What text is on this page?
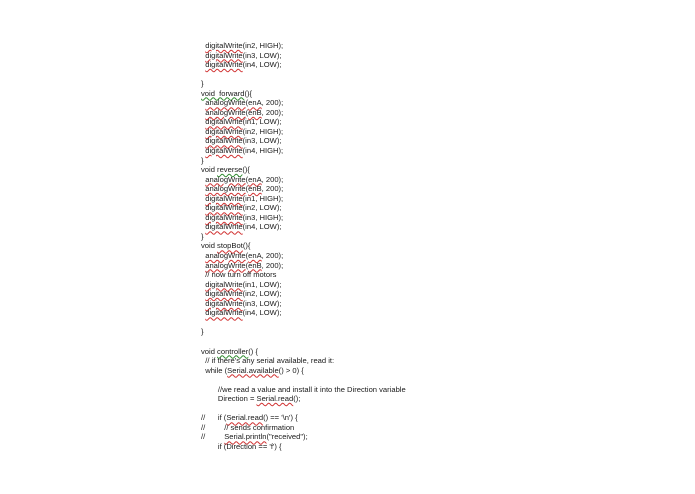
digitalWrite(in2, HIGH);
digitalWrite(in3, LOW);
digitalWrite(in4, LOW);

}
void  forward(){
analogWrite(enA, 200);
analogWrite(enB, 200);
digitalWrite(in1, LOW);
digitalWrite(in2, HIGH);
digitalWrite(in3, LOW);
digitalWrite(in4, HIGH);
}
void reverse(){
analogWrite(enA, 200);
analogWrite(enB, 200);
digitalWrite(in1, HIGH);
digitalWrite(in2, LOW);
digitalWrite(in3, HIGH);
digitalWrite(in4, LOW);
}
void stopBot(){
analogWrite(enA, 200);
analogWrite(enB, 200);
// now turn off motors
digitalWrite(in1, LOW);
digitalWrite(in2, LOW);
digitalWrite(in3, LOW);
digitalWrite(in4, LOW);

}

void controller() {
// if there's any serial available, read it:
while (Serial.available() > 0) {

//we read a value and install it into the Direction variable
Direction = Serial.read();

//      if (Serial.read() == '\n') {
//         // sends confirmation
//         Serial.println("received");
if (Direction == 'f') {
